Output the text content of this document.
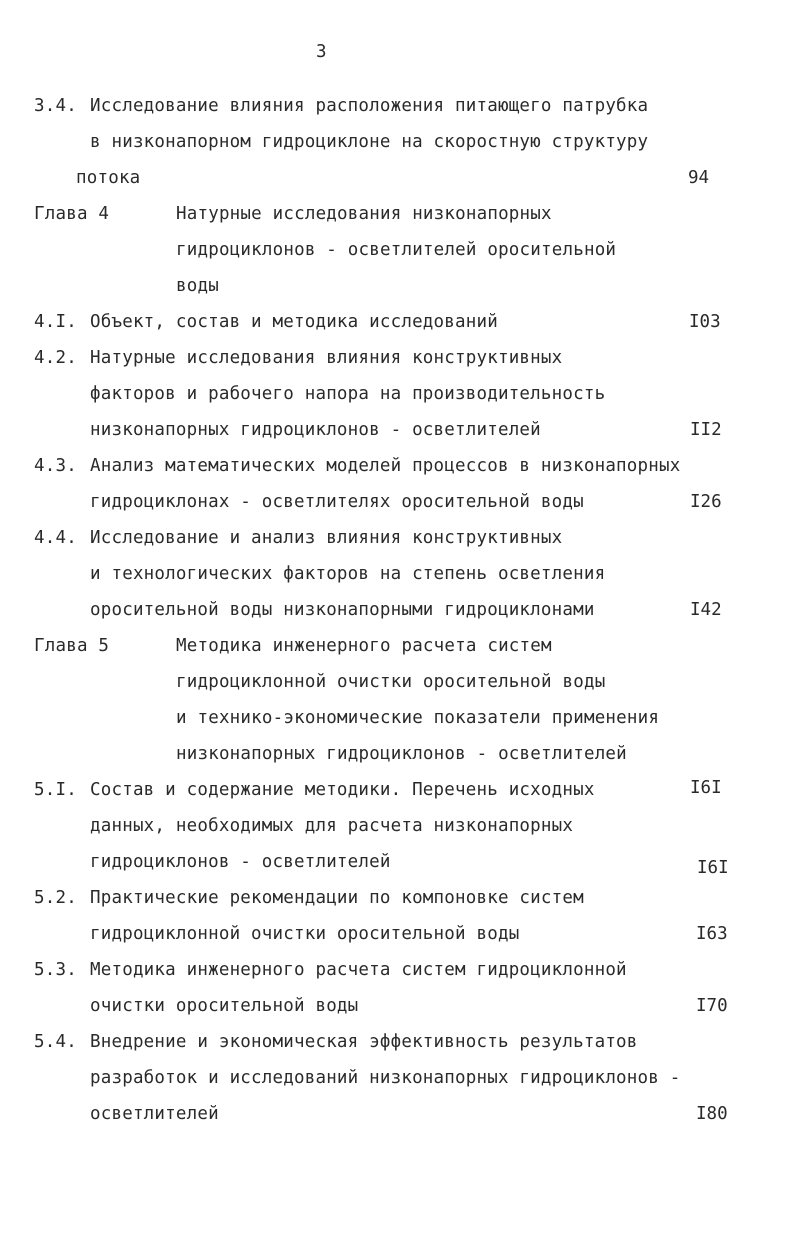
3
3.4. Исследование влияния расположения питающего патрубка
в низконапорном гидроциклоне на скоростную структуру
потока	94
Глава 4	Натурные исследования низконапорных
гидроциклонов - осветлителей оросительной
воды
4.I. Объект, состав и методика исследований	I03
4.2. Натурные исследования влияния конструктивных
факторов и рабочего напора на производительность
низконапорных гидроциклонов - осветлителей	II2
4.3. Анализ математических моделей процессов в низконапорных
гидроциклонах - осветлителях оросительной воды	I26
4.4. Исследование и анализ влияния конструктивных
и технологических факторов на степень осветления
оросительной воды низконапорными гидроциклонами	I42
Глава 5	Методика инженерного расчета систем
гидроциклонной очистки оросительной воды
и технико-экономические показатели применения
низконапорных гидроциклонов - осветлителей
5.I. Состав и содержание методики. Перечень исходных	I6I
данных, необходимых для расчета низконапорных
гидроциклонов - осветлителей	I6I
5.2. Практические рекомендации по компоновке систем
гидроциклонной очистки оросительной воды	I63
5.3. Методика инженерного расчета систем гидроциклонной
очистки оросительной воды	I70
5.4. Внедрение и экономическая эффективность результатов
разработок и исследований низконапорных гидроциклонов -
осветлителей	I80
